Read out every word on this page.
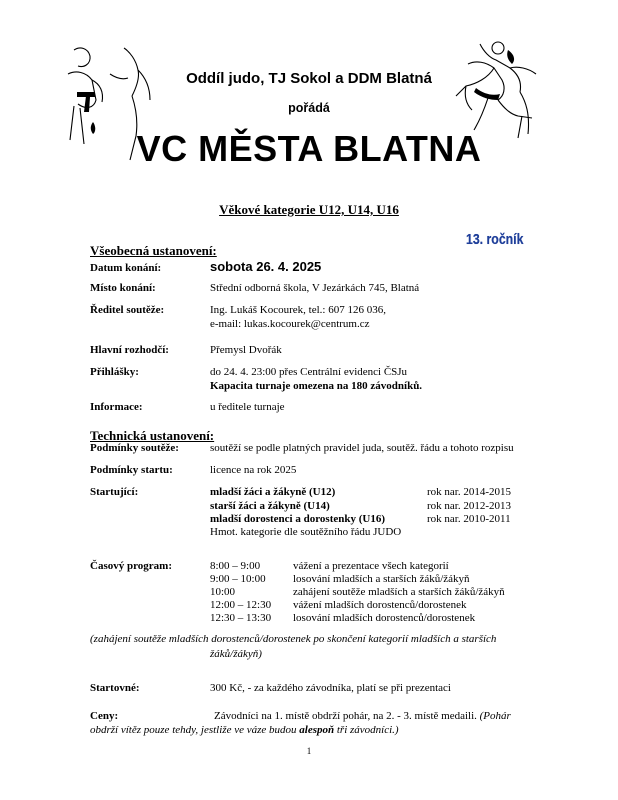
Oddíl judo, TJ Sokol a DDM Blatná
pořádá
VC MĚSTA BLATNA
Věkové kategorie U12, U14, U16
13. ročník
Všeobecná ustanovení:
Datum konání:	sobota 26. 4. 2025
Místo konání:	Střední odborná škola, V Jezárkách 745, Blatná
Ředitel soutěže:	Ing. Lukáš Kocourek, tel.: 607 126 036,
e-mail: lukas.kocourek@centrum.cz
Hlavní rozhodčí:	Přemysl Dvořák
Přihlášky:	do 24. 4. 23:00 přes Centrální evidenci ČSJu
Kapacita turnaje omezena na 180 závodníků.
Informace:	u ředitele turnaje
Technická ustanovení:
Podmínky soutěže:	soutěží se podle platných pravidel juda, soutěž. řádu a tohoto rozpisu
Podmínky startu:	licence na rok 2025
Startující:	mladší žáci a žákyně (U12)	rok nar. 2014-2015
starší žáci a žákyně (U14)	rok nar. 2012-2013
mladší dorostenci a dorostenky (U16)	rok nar. 2010-2011
Hmot. kategorie dle soutěžního řádu JUDO
Časový program:	8:00 – 9:00	vážení a prezentace všech kategorií
9:00 – 10:00 losování mladších a starších žáků/žákyň
10:00	zahájení soutěže mladších a starších žáků/žákyň
12:00 – 12:30 vážení mladších dorostenců/dorostenek
12:30 – 13:30 losování mladších dorostenců/dorostenek
(zahájení soutěže mladších dorostenců/dorostenek po skončení kategorií mladších a starších
žáků/žákyň)
Startovné:	300 Kč, - za každého závodníka, platí se při prezentaci
Ceny:	Závodníci na 1. místě obdrží pohár, na 2. - 3. místě medaili. (Pohár
obdrží vítěz pouze tehdy, jestliže ve váze budou alespoň tři závodníci.)
1
